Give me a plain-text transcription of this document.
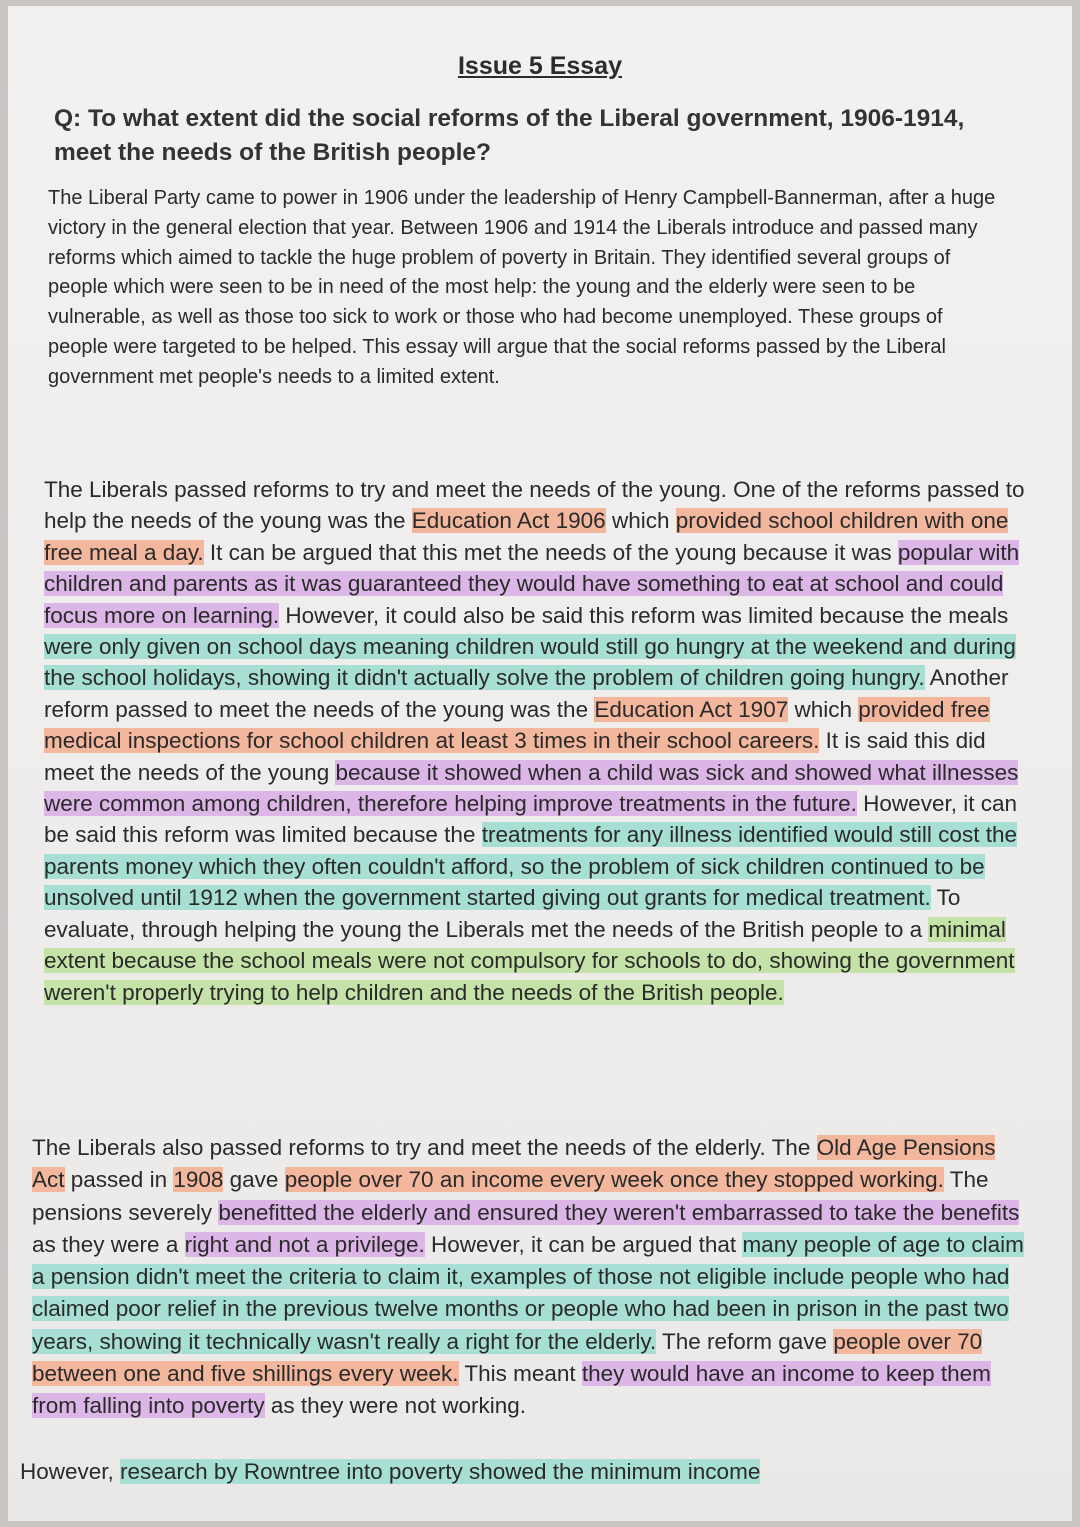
Issue 5 Essay
Q: To what extent did the social reforms of the Liberal government, 1906-1914, meet the needs of the British people?
The Liberal Party came to power in 1906 under the leadership of Henry Campbell-Bannerman, after a huge victory in the general election that year. Between 1906 and 1914 the Liberals introduce and passed many reforms which aimed to tackle the huge problem of poverty in Britain. They identified several groups of people which were seen to be in need of the most help: the young and the elderly were seen to be vulnerable, as well as those too sick to work or those who had become unemployed. These groups of people were targeted to be helped. This essay will argue that the social reforms passed by the Liberal government met people's needs to a limited extent.
The Liberals passed reforms to try and meet the needs of the young. One of the reforms passed to help the needs of the young was the Education Act 1906 which provided school children with one free meal a day. It can be argued that this met the needs of the young because it was popular with children and parents as it was guaranteed they would have something to eat at school and could focus more on learning. However, it could also be said this reform was limited because the meals were only given on school days meaning children would still go hungry at the weekend and during the school holidays, showing it didn't actually solve the problem of children going hungry. Another reform passed to meet the needs of the young was the Education Act 1907 which provided free medical inspections for school children at least 3 times in their school careers. It is said this did meet the needs of the young because it showed when a child was sick and showed what illnesses were common among children, therefore helping improve treatments in the future. However, it can be said this reform was limited because the treatments for any illness identified would still cost the parents money which they often couldn't afford, so the problem of sick children continued to be unsolved until 1912 when the government started giving out grants for medical treatment. To evaluate, through helping the young the Liberals met the needs of the British people to a minimal extent because the school meals were not compulsory for schools to do, showing the government weren't properly trying to help children and the needs of the British people.
The Liberals also passed reforms to try and meet the needs of the elderly. The Old Age Pensions Act passed in 1908 gave people over 70 an income every week once they stopped working. The pensions severely benefitted the elderly and ensured they weren't embarrassed to take the benefits as they were a right and not a privilege. However, it can be argued that many people of age to claim a pension didn't meet the criteria to claim it, examples of those not eligible include people who had claimed poor relief in the previous twelve months or people who had been in prison in the past two years, showing it technically wasn't really a right for the elderly. The reform gave people over 70 between one and five shillings every week. This meant they would have an income to keep them from falling into poverty as they were not working.
However, research by Rowntree into poverty showed the minimum income
